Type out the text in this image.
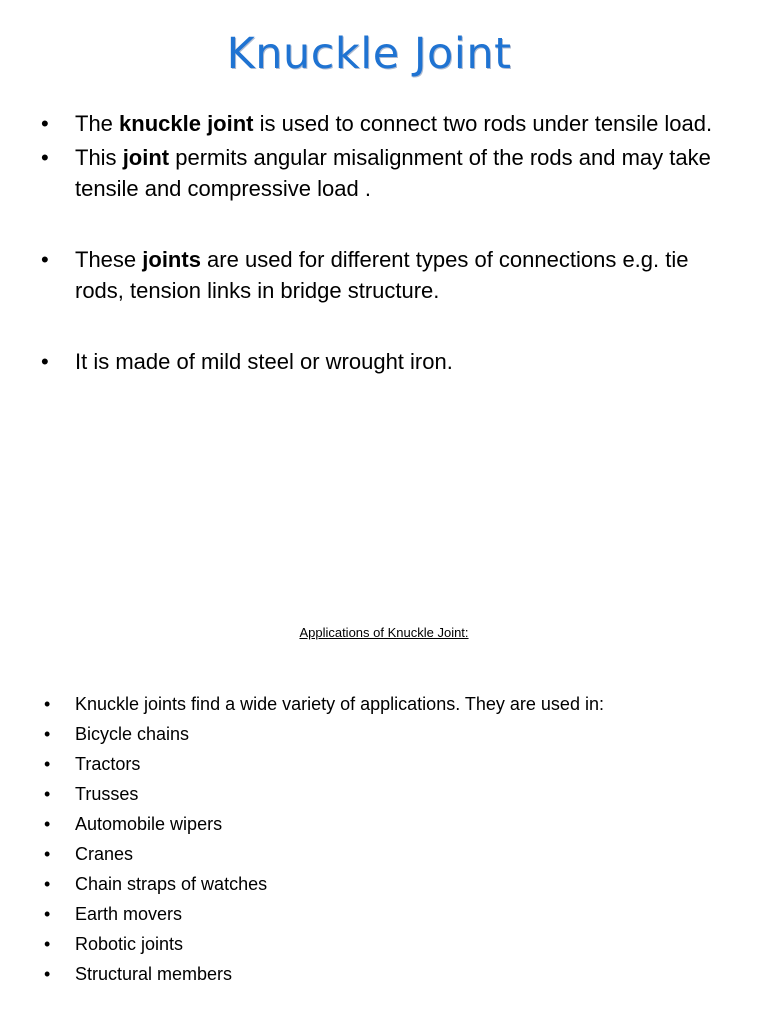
Knuckle Joint
• The knuckle joint is used to connect two rods under tensile load.
• This joint permits angular misalignment of the rods and may take tensile and compressive load .
• These joints are used for different types of connections e.g. tie rods, tension links in bridge structure.
• It is made of mild steel or wrought iron.
Applications of Knuckle Joint:
• Knuckle joints find a wide variety of applications. They are used in:
• Bicycle chains
• Tractors
• Trusses
• Automobile wipers
• Cranes
• Chain straps of watches
• Earth movers
• Robotic joints
• Structural members
